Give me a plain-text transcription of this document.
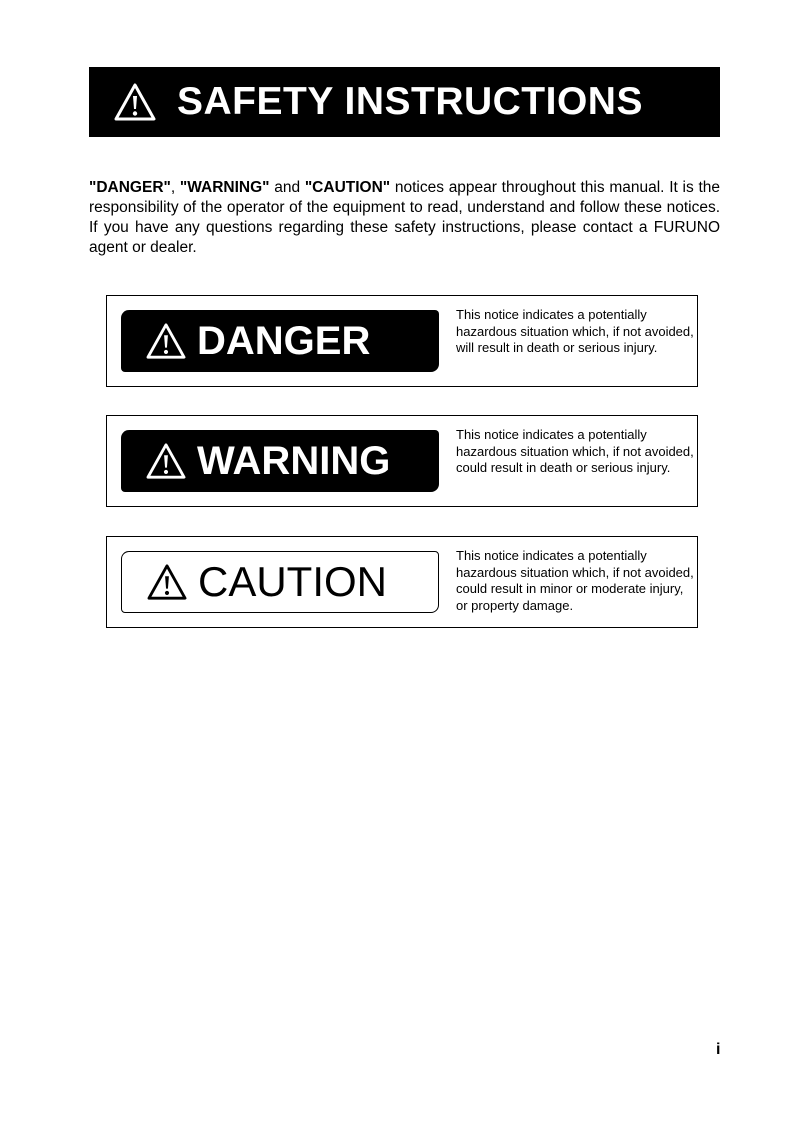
SAFETY INSTRUCTIONS

"DANGER", "WARNING" and "CAUTION" notices appear throughout this manual. It is the responsibility of the operator of the equipment to read, understand and follow these notices. If you have any questions regarding these safety instructions, please contact a FURUNO agent or dealer.

DANGER
This notice indicates a potentially hazardous situation which, if not avoided, will result in death or serious injury.
WARNING
This notice indicates a potentially hazardous situation which, if not avoided, could result in death or serious injury.
CAUTION
This notice indicates a potentially hazardous situation which, if not avoided, could result in minor or moderate injury, or property damage.
i
